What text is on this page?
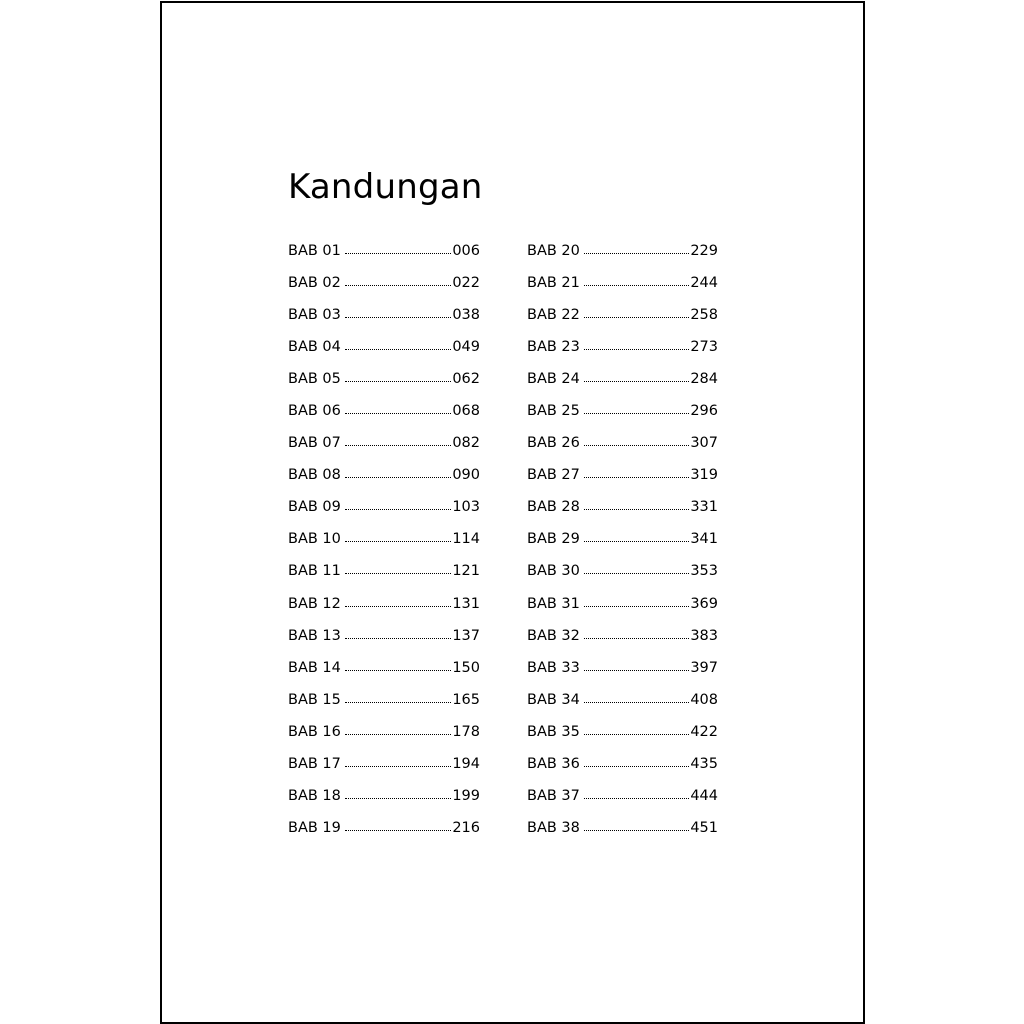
Kandungan
BAB 01	006
BAB 02	022
BAB 03	038
BAB 04	049
BAB 05	062
BAB 06	068
BAB 07	082
BAB 08	090
BAB 09	103
BAB 10	114
BAB 11	121
BAB 12	131
BAB 13	137
BAB 14	150
BAB 15	165
BAB 16	178
BAB 17	194
BAB 18	199
BAB 19	216
BAB 20	229
BAB 21	244
BAB 22	258
BAB 23	273
BAB 24	284
BAB 25	296
BAB 26	307
BAB 27	319
BAB 28	331
BAB 29	341
BAB 30	353
BAB 31	369
BAB 32	383
BAB 33	397
BAB 34	408
BAB 35	422
BAB 36	435
BAB 37	444
BAB 38	451
